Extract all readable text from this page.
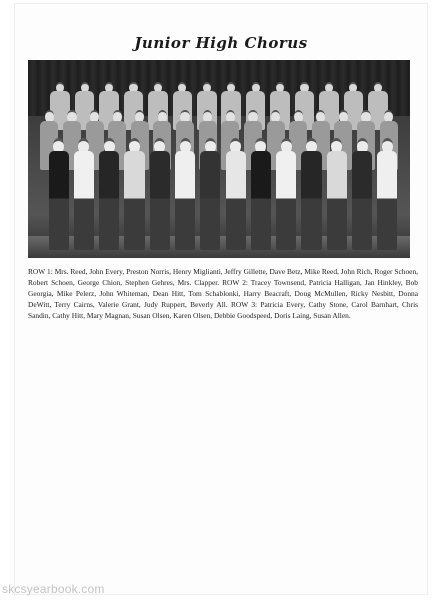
Junior High Chorus
ROW 1: Mrs. Reed, John Every, Preston Norris, Henry Miglianti, Jeffry Gillette, Dave Betz, Mike Reed, John Rich, Roger Schoen, Robert Schoen, George Chion, Stephen Gehres, Mrs. Clapper. ROW 2: Tracey Townsend, Patricia Halligan, Jan Hinkley, Bob Georgia, Mike Pelerz, John Whiteman, Dean Hitt, Tom Schablonki, Harry Beacraft, Doug McMullen, Ricky Nesbitt, Donna DeWitt, Terry Cairns, Valerie Grant, Judy Ruppert, Beverly All. ROW 3: Patricia Every, Cathy Stone, Carol Barnhart, Chris Sandin, Cathy Hitt, Mary Magnan, Susan Olsen, Karen Olsen, Debbie Goodspeed, Doris Laing, Susan Allen.
skcsyearbook.com
